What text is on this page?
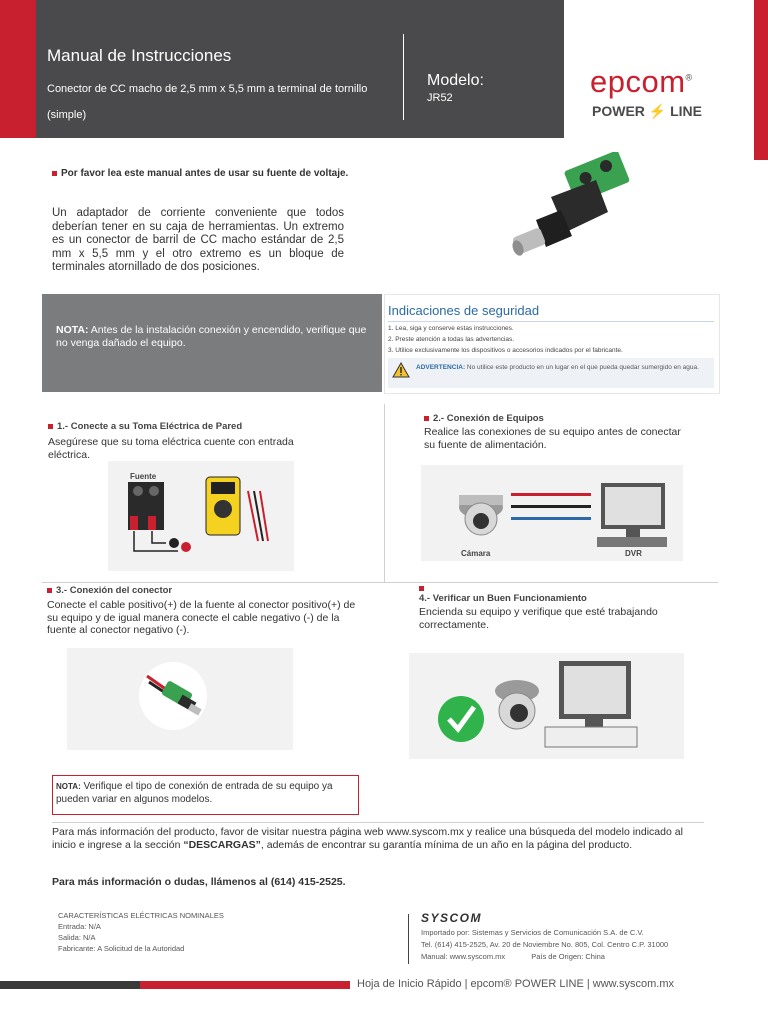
Manual de Instrucciones
Conector de CC macho de 2,5 mm x 5,5 mm a terminal de tornillo (simple)
Modelo:
JR52	epcom®
POWER ⚡ LINE
Por favor lea este manual antes de usar su fuente de voltaje.
Un adaptador de corriente conveniente que todos deberían tener en su caja de herramientas. Un extremo es un conector de barril de CC macho estándar de 2,5 mm x 5,5 mm y el otro extremo es un bloque de terminales atornillado de dos posiciones.
NOTA: Antes de la instalación conexión y encendido, verifique que no venga dañado el equipo.
Indicaciones de seguridad
1. Lea, siga y conserve estas instrucciones.
2. Preste atención a todas las advertencias.
3. Utilice exclusivamente los dispositivos o accesorios indicados por el fabricante.
ADVERTENCIA: No utilice este producto en un lugar en el que pueda quedar sumergido en agua.
1.- Conecte a su Toma Eléctrica de Pared
Asegúrese que su toma eléctrica cuente con entrada eléctrica.
Fuente
2.- Conexión de Equipos
Realice las conexiones de su equipo antes de conectar su fuente de alimentación.
Cámara	DVR
3.- Conexión del conector
Conecte el cable positivo(+) de la fuente al conector positivo(+) de su equipo y de igual manera conecte el cable negativo (-) de la fuente al conector negativo (-).
4.- Verificar un Buen Funcionamiento
Encienda su equipo y verifique que esté trabajando correctamente.
NOTA: Verifique el tipo de conexión de entrada de su equipo ya pueden variar en algunos modelos.
Para más información del producto, favor de visitar nuestra página web www.syscom.mx y realice una búsqueda del modelo indicado al inicio e ingrese a la sección “DESCARGAS”, además de encontrar su garantía mínima de un año en la página del producto.
Para más información o dudas, llámenos al (614) 415-2525.
CARACTERÍSTICAS ELÉCTRICAS NOMINALES
Entrada: N/A
Salida: N/A
Fabricante: A Solicitud de la Autoridad
SYSCOM
Importado por: Sistemas y Servicios de Comunicación S.A. de C.V.
Tel. (614) 415-2525, Av. 20 de Noviembre No. 805, Col. Centro C.P. 31000
Manual: www.syscom.mx	País de Origen: China
Hoja de Inicio Rápido | epcom® POWER LINE | www.syscom.mx
